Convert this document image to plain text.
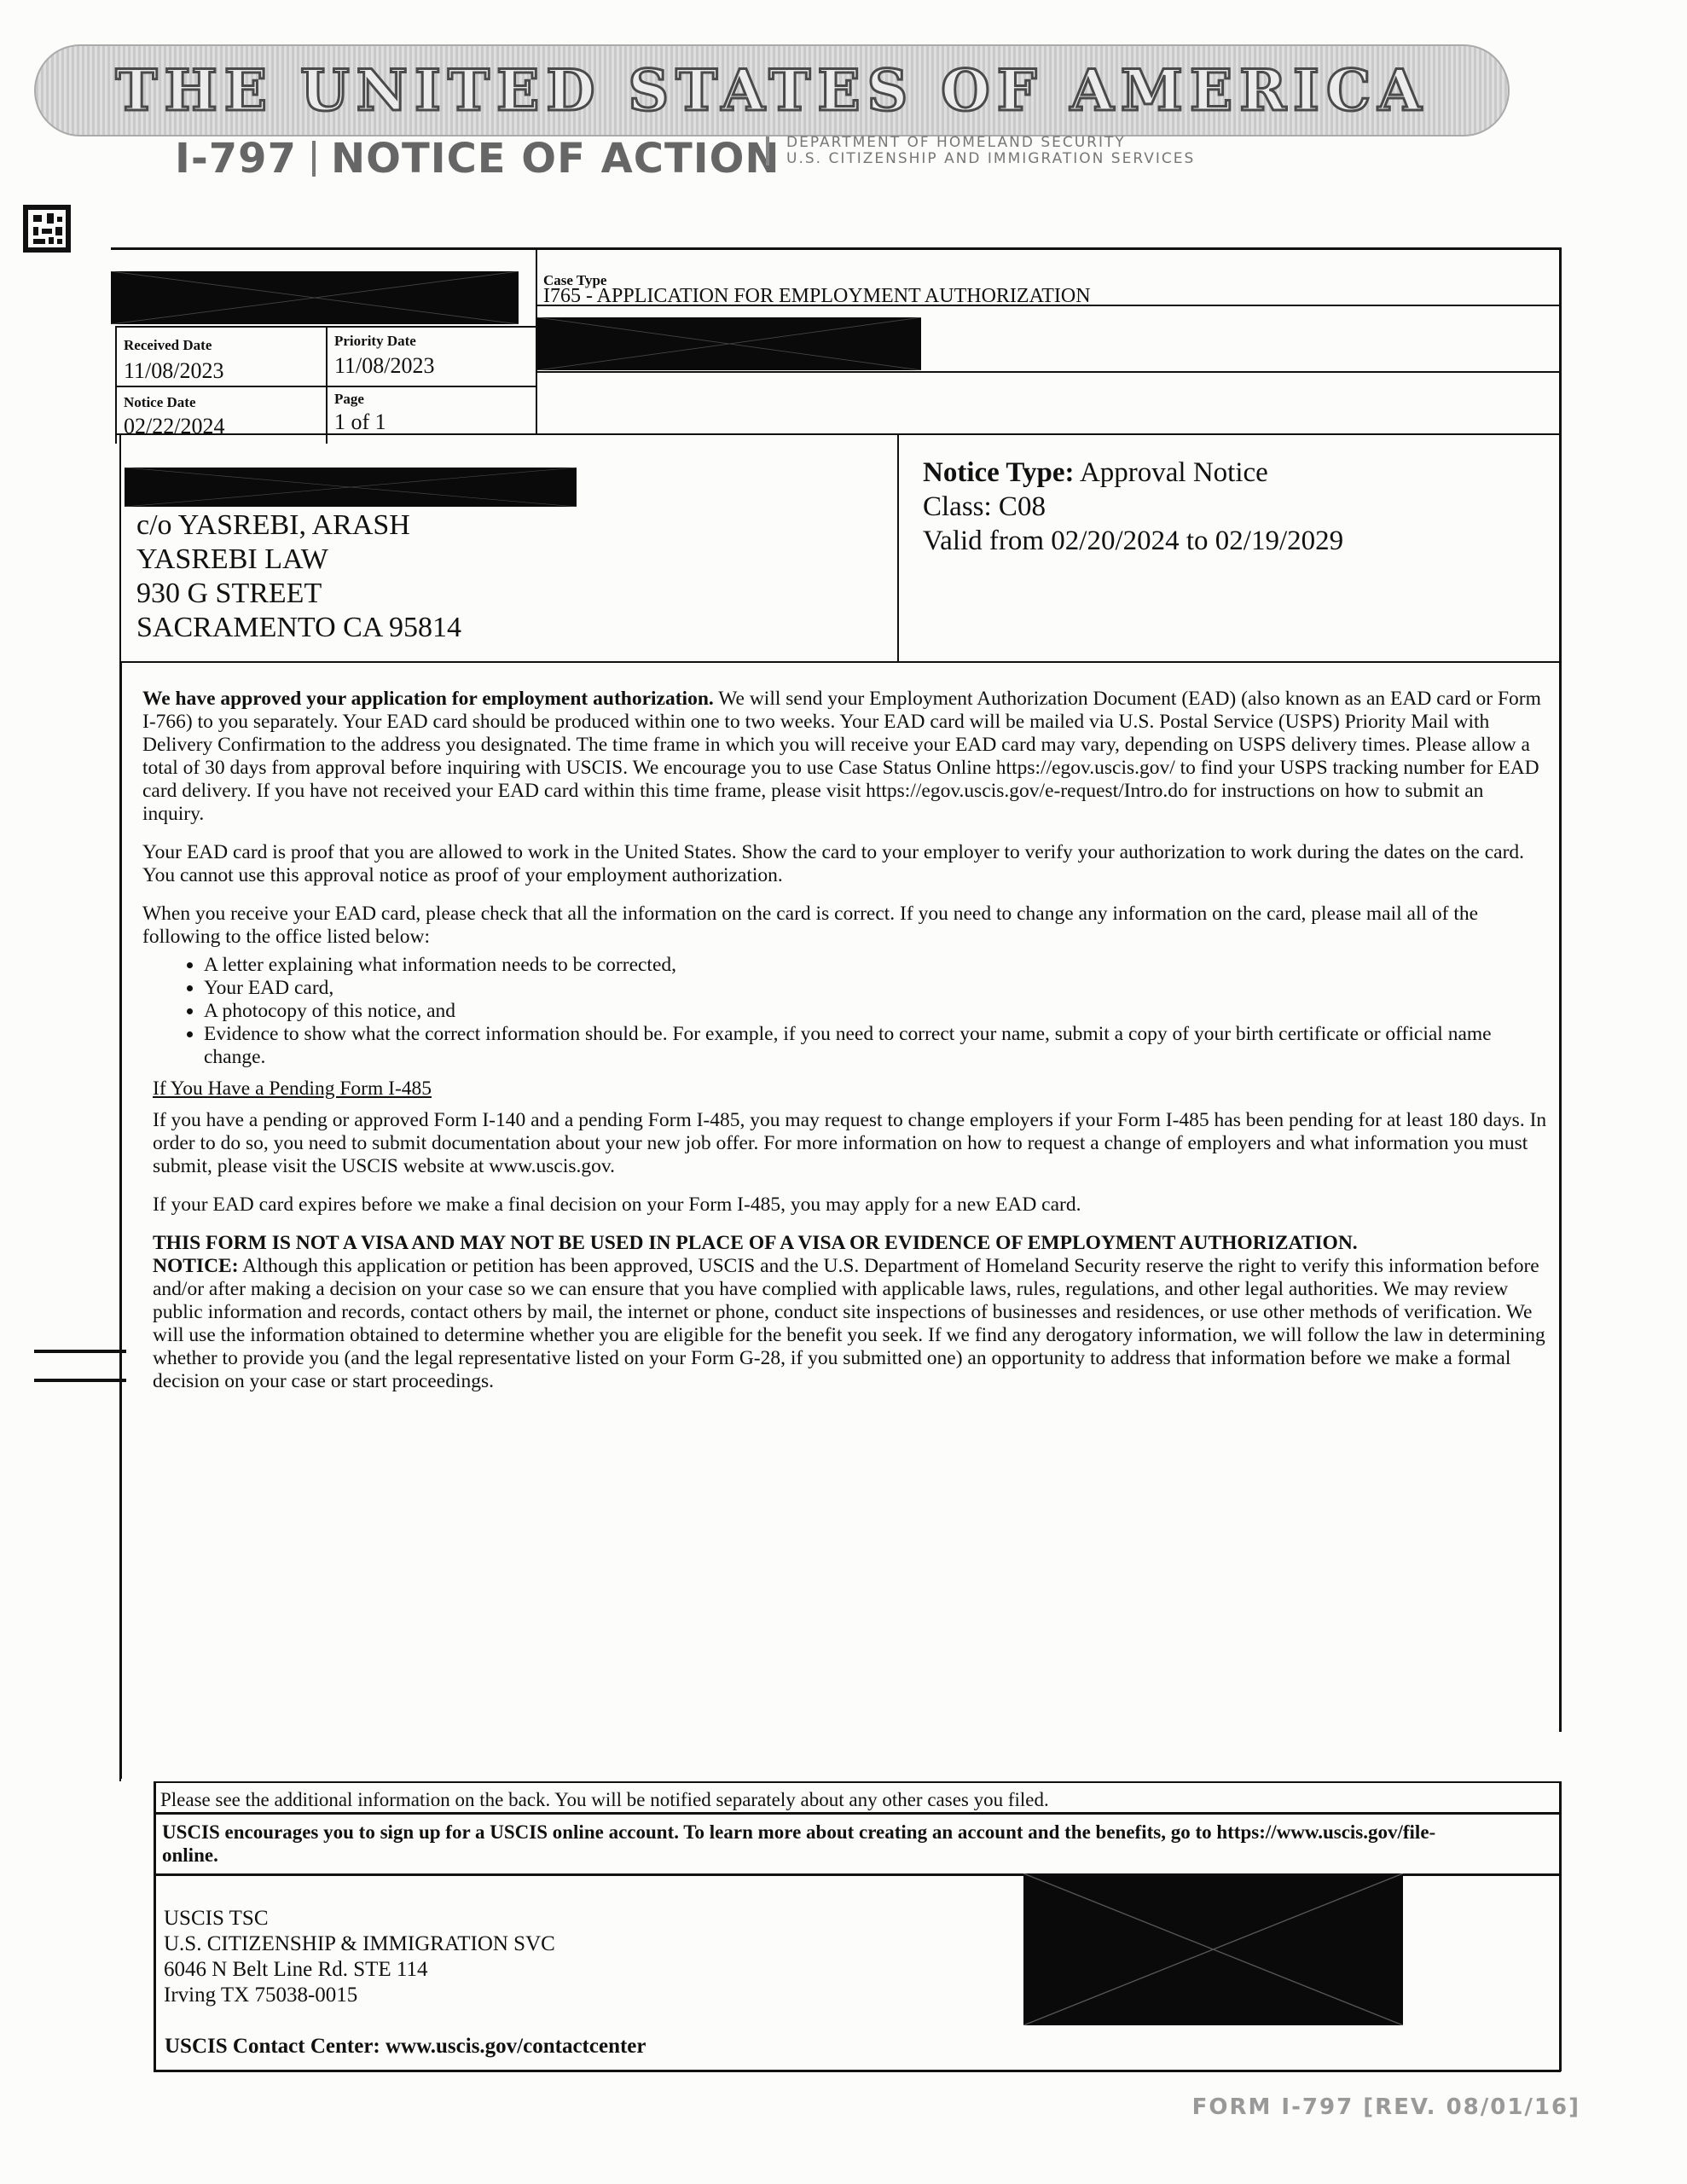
THE UNITED STATES OF AMERICA
I-797 NOTICE OF ACTION DEPARTMENT OF HOMELAND SECURITY
U.S. CITIZENSHIP AND IMMIGRATION SERVICES
Case Type
I765 - APPLICATION FOR EMPLOYMENT AUTHORIZATION
Received Date
11/08/2023
Priority Date
11/08/2023
Notice Date
02/22/2024
Page
1 of 1
c/o YASREBI, ARASH
YASREBI LAW
930 G STREET
SACRAMENTO CA 95814
Notice Type: Approval Notice
Class: C08
Valid from 02/20/2024 to 02/19/2029

We have approved your application for employment authorization. We will send your Employment Authorization Document (EAD) (also known as an EAD card or Form I-766) to you separately. Your EAD card should be produced within one to two weeks. Your EAD card will be mailed via U.S. Postal Service (USPS) Priority Mail with Delivery Confirmation to the address you designated. The time frame in which you will receive your EAD card may vary, depending on USPS delivery times. Please allow a total of 30 days from approval before inquiring with USCIS. We encourage you to use Case Status Online https://egov.uscis.gov/ to find your USPS tracking number for EAD card delivery. If you have not received your EAD card within this time frame, please visit https://egov.uscis.gov/e-request/Intro.do for instructions on how to submit an inquiry.

Your EAD card is proof that you are allowed to work in the United States. Show the card to your employer to verify your authorization to work during the dates on the card. You cannot use this approval notice as proof of your employment authorization.

When you receive your EAD card, please check that all the information on the card is correct. If you need to change any information on the card, please mail all of the following to the office listed below:

• A letter explaining what information needs to be corrected,
• Your EAD card,
• A photocopy of this notice, and
• Evidence to show what the correct information should be. For example, if you need to correct your name, submit a copy of your birth certificate or official name change.

If You Have a Pending Form I-485

If you have a pending or approved Form I-140 and a pending Form I-485, you may request to change employers if your Form I-485 has been pending for at least 180 days. In order to do so, you need to submit documentation about your new job offer. For more information on how to request a change of employers and what information you must submit, please visit the USCIS website at www.uscis.gov.

If your EAD card expires before we make a final decision on your Form I-485, you may apply for a new EAD card.

THIS FORM IS NOT A VISA AND MAY NOT BE USED IN PLACE OF A VISA OR EVIDENCE OF EMPLOYMENT AUTHORIZATION.

NOTICE: Although this application or petition has been approved, USCIS and the U.S. Department of Homeland Security reserve the right to verify this information before and/or after making a decision on your case so we can ensure that you have complied with applicable laws, rules, regulations, and other legal authorities. We may review public information and records, contact others by mail, the internet or phone, conduct site inspections of businesses and residences, or use other methods of verification. We will use the information obtained to determine whether you are eligible for the benefit you seek. If we find any derogatory information, we will follow the law in determining whether to provide you (and the legal representative listed on your Form G-28, if you submitted one) an opportunity to address that information before we make a formal decision on your case or start proceedings.

Please see the additional information on the back. You will be notified separately about any other cases you filed.
USCIS encourages you to sign up for a USCIS online account. To learn more about creating an account and the benefits, go to https://www.uscis.gov/file-online.
USCIS TSC
U.S. CITIZENSHIP & IMMIGRATION SVC
6046 N Belt Line Rd. STE 114
Irving TX 75038-0015
USCIS Contact Center: www.uscis.gov/contactcenter
FORM I-797 [REV. 08/01/16]
